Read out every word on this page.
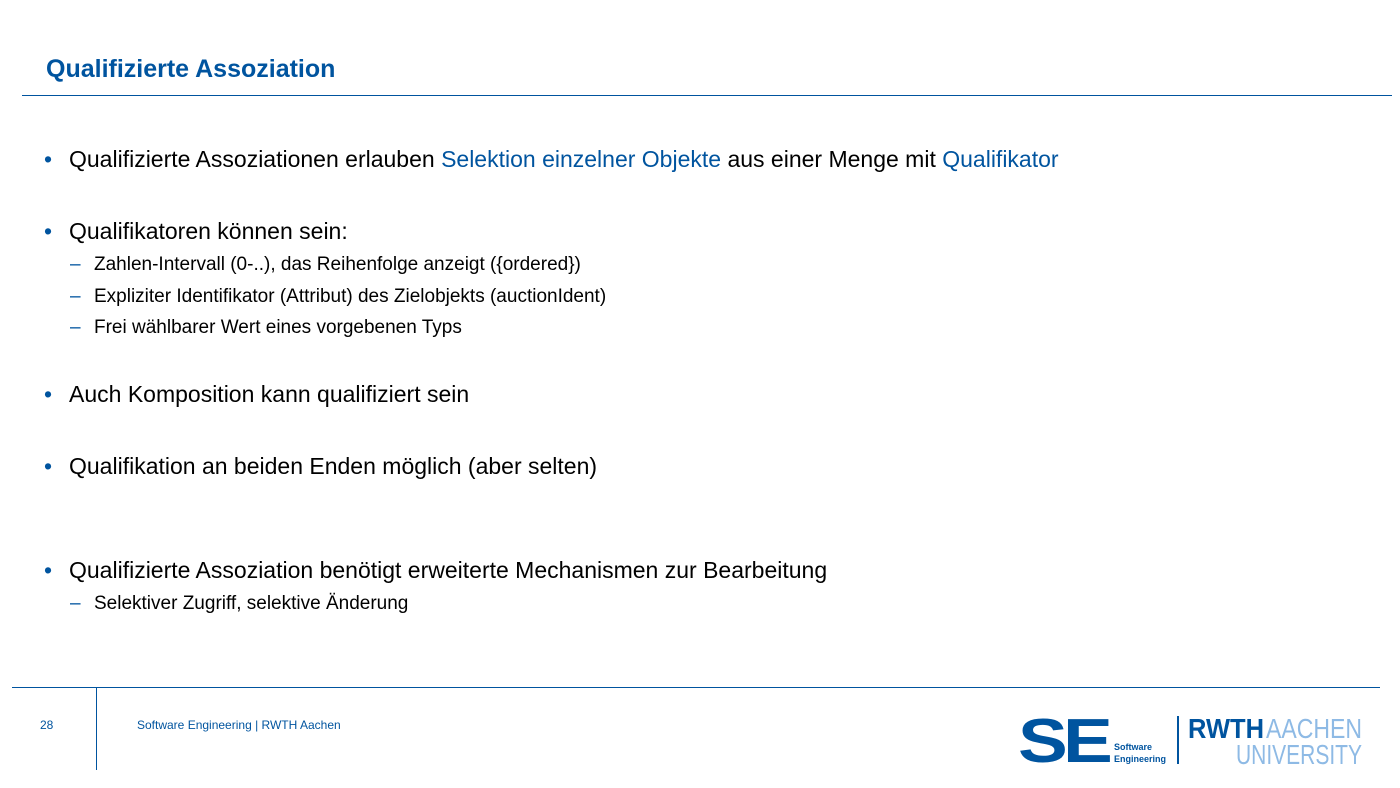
Qualifizierte Assoziation
• Qualifizierte Assoziationen erlauben Selektion einzelner Objekte aus einer Menge mit Qualifikator
• Qualifikatoren können sein:
– Zahlen-Intervall (0-..), das Reihenfolge anzeigt ({ordered})
– Expliziter Identifikator (Attribut) des Zielobjekts (auctionIdent)
– Frei wählbarer Wert eines vorgebenen Typs
• Auch Komposition kann qualifiziert sein
• Qualifikation an beiden Enden möglich (aber selten)
• Qualifizierte Assoziation benötigt erweiterte Mechanismen zur Bearbeitung
– Selektiver Zugriff, selektive Änderung
28	Software Engineering | RWTH Aachen	SE Software
Engineering
RWTH AACHEN
UNIVERSITY
